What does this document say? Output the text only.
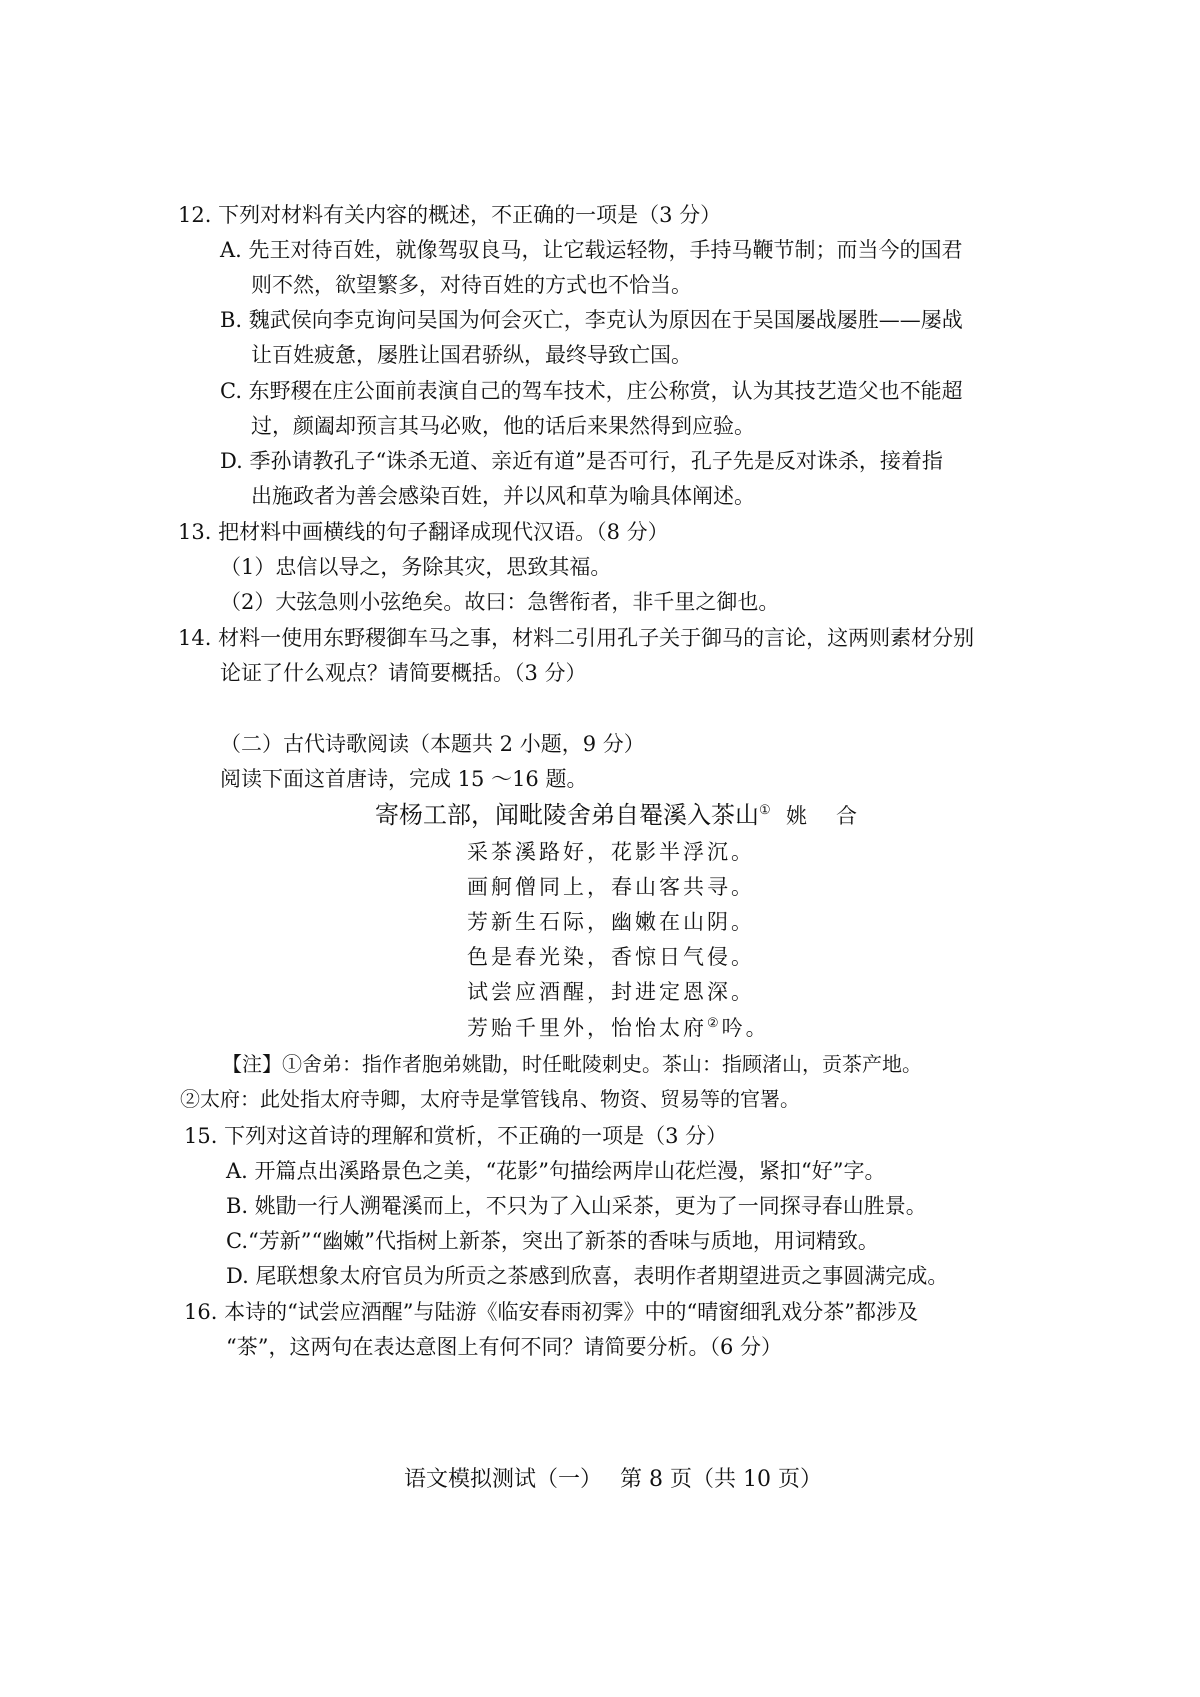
12. 下列对材料有关内容的概述，不正确的一项是（3 分）
A. 先王对待百姓，就像驾驭良马，让它载运轻物，手持马鞭节制；而当今的国君
则不然，欲望繁多，对待百姓的方式也不恰当。
B. 魏武侯向李克询问吴国为何会灭亡，李克认为原因在于吴国屡战屡胜——屡战
让百姓疲惫，屡胜让国君骄纵，最终导致亡国。
C. 东野稷在庄公面前表演自己的驾车技术，庄公称赏，认为其技艺造父也不能超
过，颜阖却预言其马必败，他的话后来果然得到应验。
D. 季孙请教孔子“诛杀无道、亲近有道”是否可行，孔子先是反对诛杀，接着指
出施政者为善会感染百姓，并以风和草为喻具体阐述。
13. 把材料中画横线的句子翻译成现代汉语。（8 分）
（1）忠信以导之，务除其灾，思致其福。
（2）大弦急则小弦绝矣。故曰：急辔衔者，非千里之御也。
14. 材料一使用东野稷御车马之事，材料二引用孔子关于御马的言论，这两则素材分别
论证了什么观点？请简要概括。（3 分）
（二）古代诗歌阅读（本题共 2 小题，9 分）
阅读下面这首唐诗，完成 15 ～16 题。
寄杨工部，闻毗陵舍弟自罨溪入茶山① 姚　合
采茶溪路好，花影半浮沉。
画舸僧同上，春山客共寻。
芳新生石际，幽嫩在山阴。
色是春光染，香惊日气侵。
试尝应酒醒，封进定恩深。
芳贻千里外，怡怡太府②吟。
【注】①舍弟：指作者胞弟姚勖，时任毗陵刺史。茶山：指顾渚山，贡茶产地。
②太府：此处指太府寺卿，太府寺是掌管钱帛、物资、贸易等的官署。
15. 下列对这首诗的理解和赏析，不正确的一项是（3 分）
A. 开篇点出溪路景色之美，“花影”句描绘两岸山花烂漫，紧扣“好”字。
B. 姚勖一行人溯罨溪而上，不只为了入山采茶，更为了一同探寻春山胜景。
C.“芳新”“幽嫩”代指树上新茶，突出了新茶的香味与质地，用词精致。
D. 尾联想象太府官员为所贡之茶感到欣喜，表明作者期望进贡之事圆满完成。
16. 本诗的“试尝应酒醒”与陆游《临安春雨初霁》中的“晴窗细乳戏分茶”都涉及
“茶”，这两句在表达意图上有何不同？请简要分析。（6 分）
语文模拟测试（一） 第 8 页（共 10 页）
